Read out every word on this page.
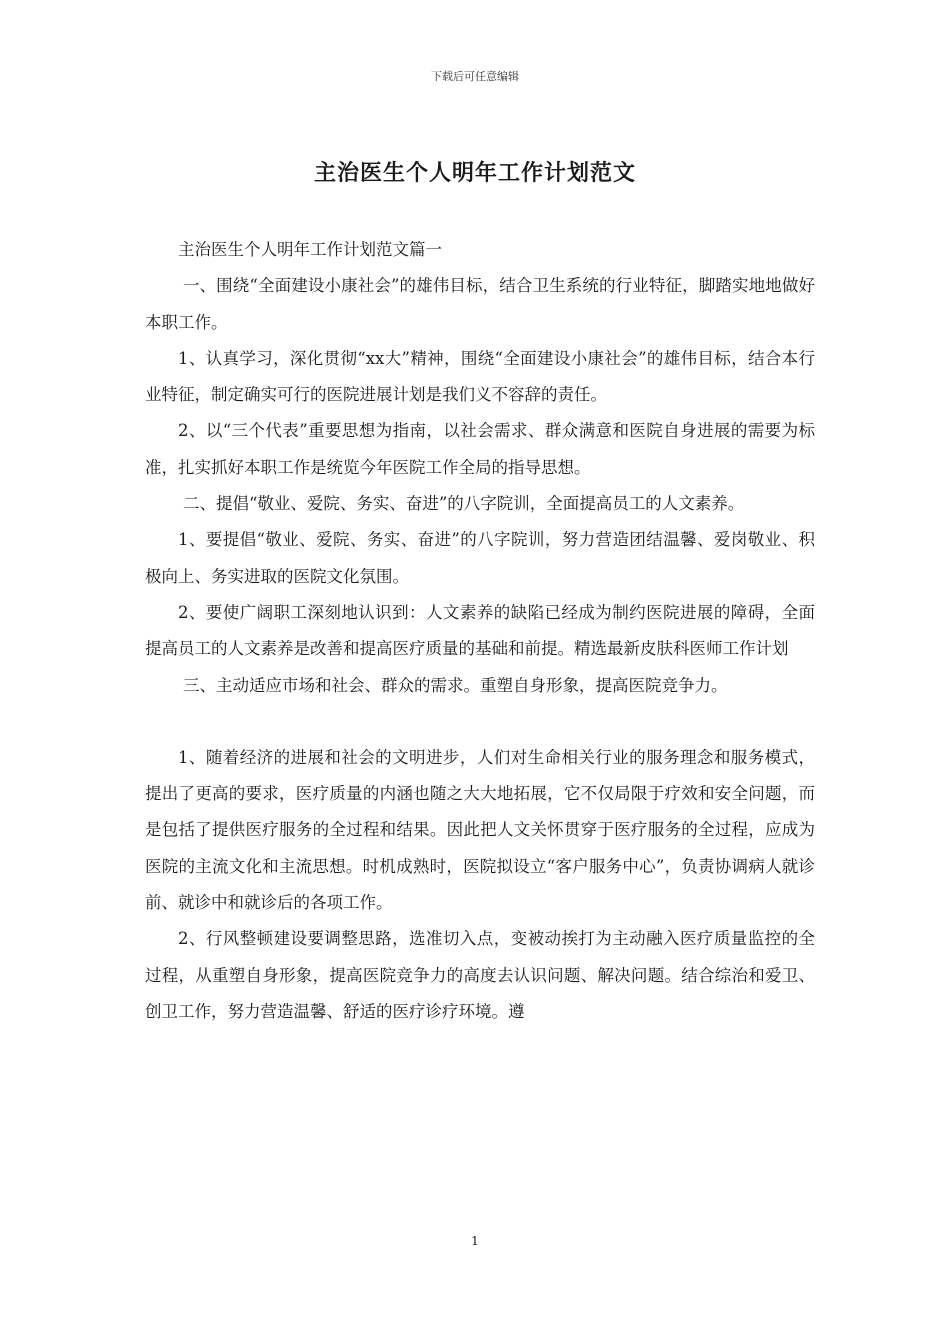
下载后可任意编辑
主治医生个人明年工作计划范文

主治医生个人明年工作计划范文篇一

一、围绕“全面建设小康社会”的雄伟目标，结合卫生系统的行业特征，脚踏实地地做好本职工作。

1、认真学习，深化贯彻“xx大”精神，围绕“全面建设小康社会”的雄伟目标，结合本行业特征，制定确实可行的医院进展计划是我们义不容辞的责任。

2、以“三个代表”重要思想为指南，以社会需求、群众满意和医院自身进展的需要为标准，扎实抓好本职工作是统览今年医院工作全局的指导思想。

二、提倡“敬业、爱院、务实、奋进”的八字院训，全面提高员工的人文素养。

1、要提倡“敬业、爱院、务实、奋进”的八字院训，努力营造团结温馨、爱岗敬业、积极向上、务实进取的医院文化氛围。

2、要使广阔职工深刻地认识到：人文素养的缺陷已经成为制约医院进展的障碍，全面提高员工的人文素养是改善和提高医疗质量的基础和前提。精选最新皮肤科医师工作计划

三、主动适应市场和社会、群众的需求。重塑自身形象，提高医院竞争力。

1、随着经济的进展和社会的文明进步，人们对生命相关行业的服务理念和服务模式，提出了更高的要求，医疗质量的内涵也随之大大地拓展，它不仅局限于疗效和安全问题，而是包括了提供医疗服务的全过程和结果。因此把人文关怀贯穿于医疗服务的全过程，应成为医院的主流文化和主流思想。时机成熟时，医院拟设立“客户服务中心”，负责协调病人就诊前、就诊中和就诊后的各项工作。

2、行风整顿建设要调整思路，选准切入点，变被动挨打为主动融入医疗质量监控的全过程，从重塑自身形象，提高医院竞争力的高度去认识问题、解决问题。结合综治和爱卫、创卫工作，努力营造温馨、舒适的医疗诊疗环境。遵

1
